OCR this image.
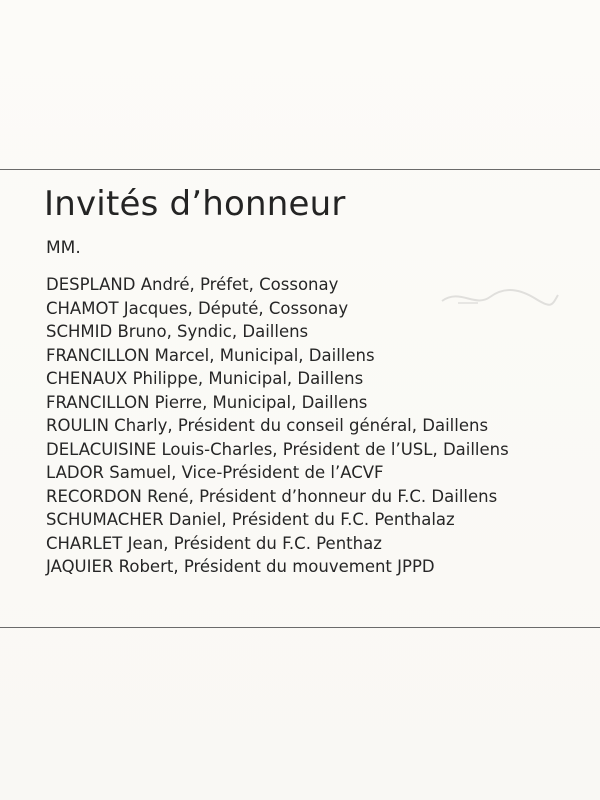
Invités d’honneur
MM.
DESPLAND André, Préfet, Cossonay
CHAMOT Jacques, Député, Cossonay
SCHMID Bruno, Syndic, Daillens
FRANCILLON Marcel, Municipal, Daillens
CHENAUX Philippe, Municipal, Daillens
FRANCILLON Pierre, Municipal, Daillens
ROULIN Charly, Président du conseil général, Daillens
DELACUISINE Louis-Charles, Président de l’USL, Daillens
LADOR Samuel, Vice-Président de l’ACVF
RECORDON René, Président d’honneur du F.C. Daillens
SCHUMACHER Daniel, Président du F.C. Penthalaz
CHARLET Jean, Président du F.C. Penthaz
JAQUIER Robert, Président du mouvement JPPD
